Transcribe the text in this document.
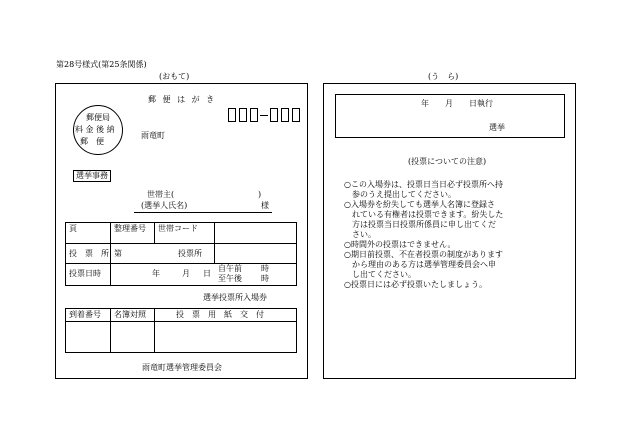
第28号様式(第25条関係)
(おもて)	(う　ら)
郵 便 は が き
郵便局
料 金 後 納
郵　便
雨竜町
選挙事務
世帯主(	)
(選挙人氏名)	様
頁	整理番号 世帯コード
投　票　所 第	投票所
投票日時	年	月 日
自午前 時
至午後 時
選挙投票所入場券
到着番号 名簿対照	投　票　用　紙　交　付
雨竜町選挙管理委員会
年　　月　　日執行
選挙
(投票についての注意)
○この入場券は、投票日当日必ず投票所へ持
　参のうえ提出してください。
○入場券を紛失しても選挙人名簿に登録さ
　れている有権者は投票できます。紛失した
　方は投票当日投票所係員に申し出てくだ
　さい。
○時間外の投票はできません。
○期日前投票、不在者投票の制度があります
　から理由のある方は選挙管理委員会へ申
　し出てください。
○投票日には必ず投票いたしましょう。
